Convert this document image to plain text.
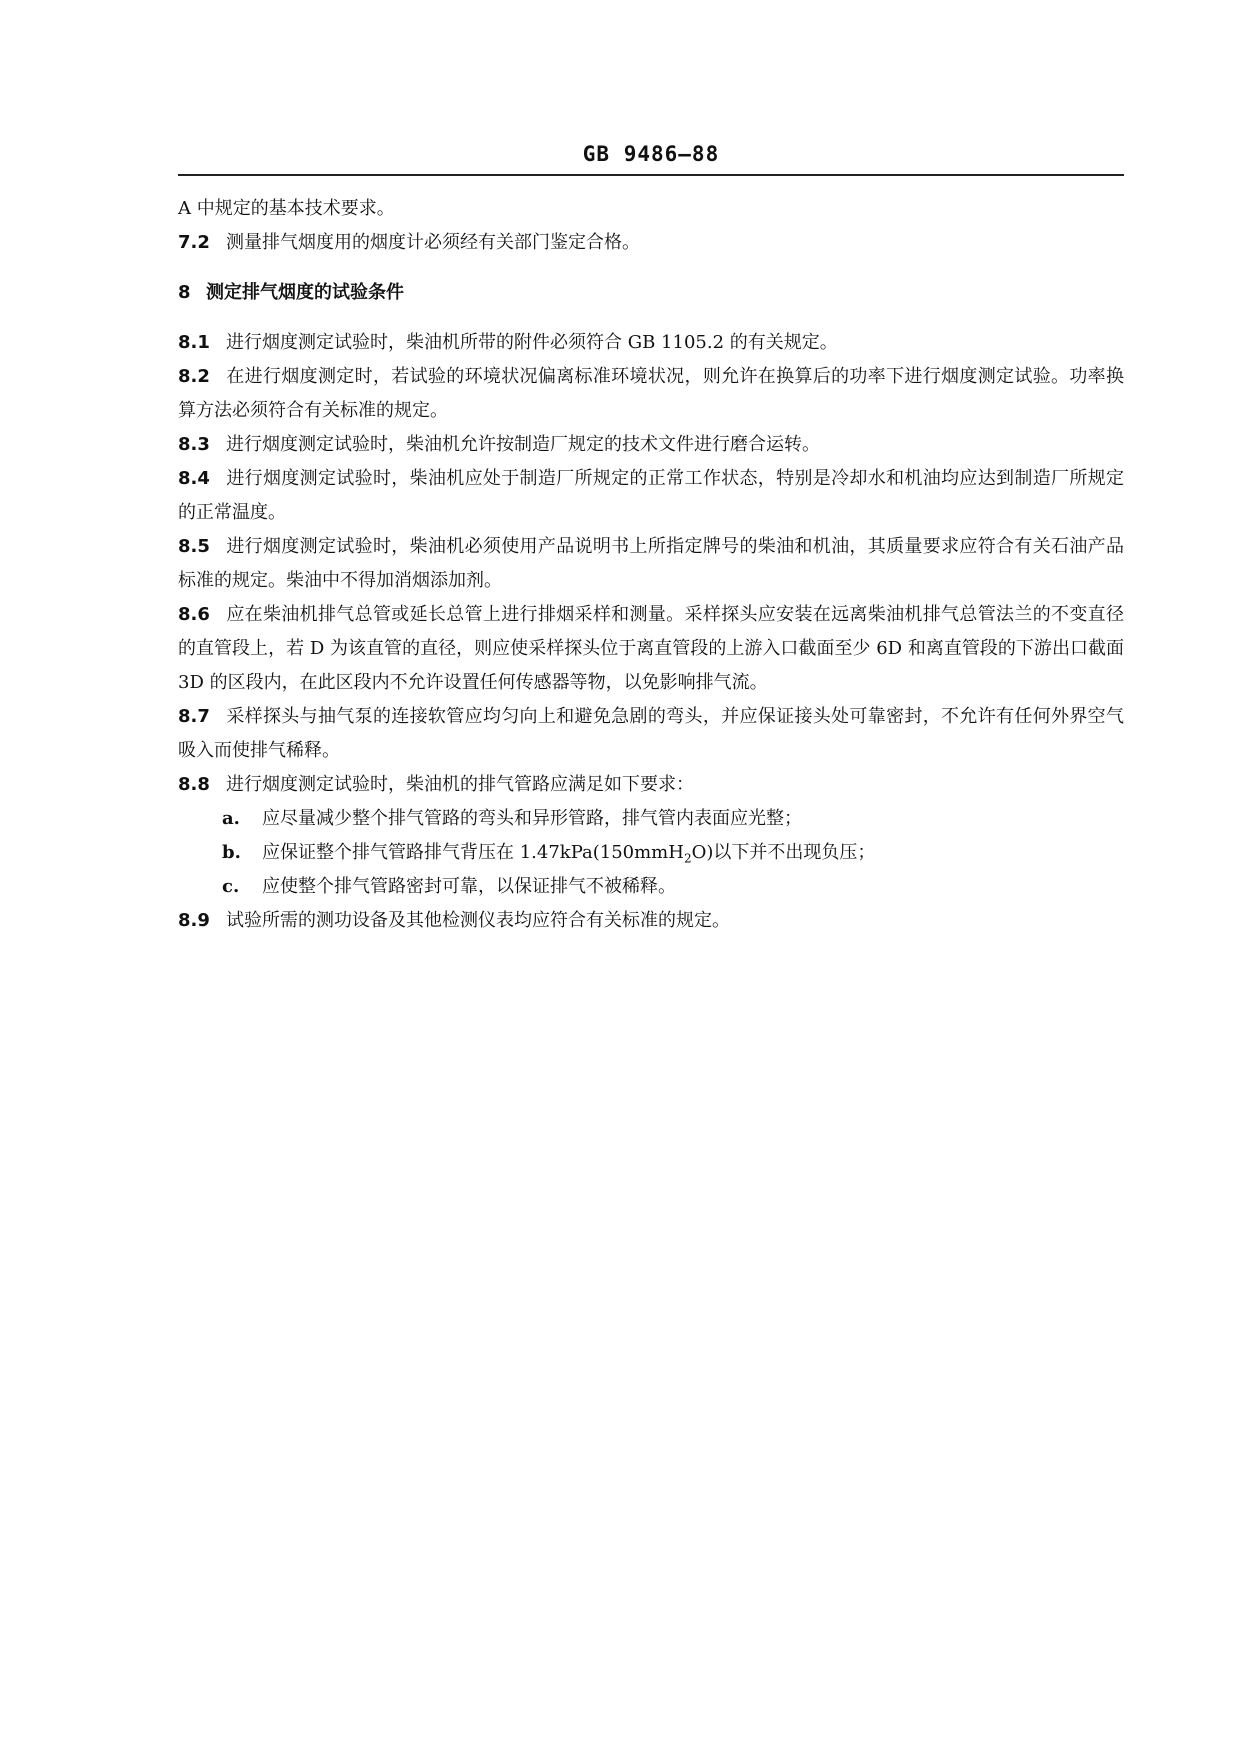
GB 9486—88

A 中规定的基本技术要求。

7.2 测量排气烟度用的烟度计必须经有关部门鉴定合格。

8 测定排气烟度的试验条件

8.1 进行烟度测定试验时，柴油机所带的附件必须符合 GB 1105.2 的有关规定。

8.2 在进行烟度测定时，若试验的环境状况偏离标准环境状况，则允许在换算后的功率下进行烟度测定试验。功率换算方法必须符合有关标准的规定。

8.3 进行烟度测定试验时，柴油机允许按制造厂规定的技术文件进行磨合运转。

8.4 进行烟度测定试验时，柴油机应处于制造厂所规定的正常工作状态，特别是冷却水和机油均应达到制造厂所规定的正常温度。

8.5 进行烟度测定试验时，柴油机必须使用产品说明书上所指定牌号的柴油和机油，其质量要求应符合有关石油产品标准的规定。柴油中不得加消烟添加剂。

8.6 应在柴油机排气总管或延长总管上进行排烟采样和测量。采样探头应安装在远离柴油机排气总管法兰的不变直径的直管段上，若 D 为该直管的直径，则应使采样探头位于离直管段的上游入口截面至少 6D 和离直管段的下游出口截面 3D 的区段内，在此区段内不允许设置任何传感器等物，以免影响排气流。

8.7 采样探头与抽气泵的连接软管应均匀向上和避免急剧的弯头，并应保证接头处可靠密封，不允许有任何外界空气吸入而使排气稀释。

8.8 进行烟度测定试验时，柴油机的排气管路应满足如下要求：

a. 应尽量减少整个排气管路的弯头和异形管路，排气管内表面应光整；

b. 应保证整个排气管路排气背压在 1.47kPa(150mmH$_2$O)以下并不出现负压；

c. 应使整个排气管路密封可靠，以保证排气不被稀释。

8.9 试验所需的测功设备及其他检测仪表均应符合有关标准的规定。
